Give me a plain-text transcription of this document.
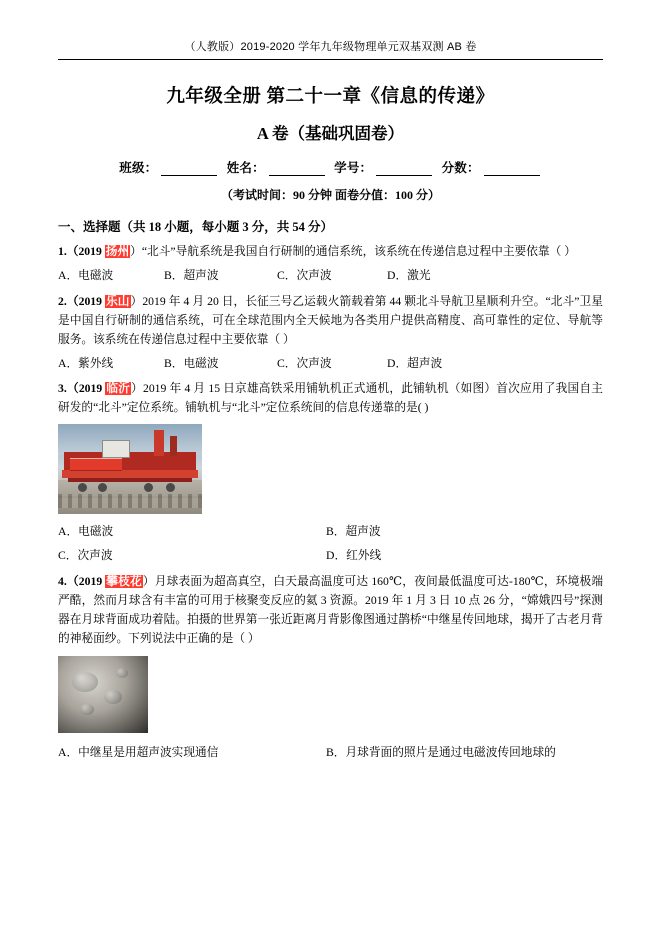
（人教版）2019-2020 学年九年级物理单元双基双测 AB 卷
九年级全册 第二十一章《信息的传递》
A 卷（基础巩固卷）
班级：	姓名：	学号：	分数：
（考试时间：90 分钟 面卷分值：100 分）
一、选择题（共 18 小题，每小题 3 分，共 54 分）
1.（2019 扬州）“北斗”导航系统是我国自行研制的通信系统，该系统在传递信息过程中主要依靠（ ）
A．电磁波	B．超声波	C．次声波	D．激光
2.（2019 乐山）2019 年 4 月 20 日，长征三号乙运载火箭载着第 44 颗北斗导航卫星顺利升空。“北斗”卫星是中国自行研制的通信系统，可在全球范围内全天候地为各类用户提供高精度、高可靠性的定位、导航等服务。该系统在传递信息过程中主要依靠（ ）
A．紫外线	B．电磁波	C．次声波	D．超声波
3.（2019 临沂）2019 年 4 月 15 日京雄高铁采用铺轨机正式通机，此铺轨机（如图）首次应用了我国自主研发的“北斗”定位系统。铺轨机与“北斗”定位系统间的信息传递靠的是( )
A．电磁波	B．超声波
C．次声波	D．红外线
4.（2019 攀枝花）月球表面为超高真空，白天最高温度可达 160℃，夜间最低温度可达-180℃，环境极端严酷，然而月球含有丰富的可用于核聚变反应的氦 3 资源。2019 年 1 月 3 日 10 点 26 分，“嫦娥四号”探测器在月球背面成功着陆。拍摄的世界第一张近距离月背影像图通过鹊桥“中继星传回地球，揭开了古老月背的神秘面纱。下列说法中正确的是（ ）
A．中继星是用超声波实现通信	B．月球背面的照片是通过电磁波传回地球的
